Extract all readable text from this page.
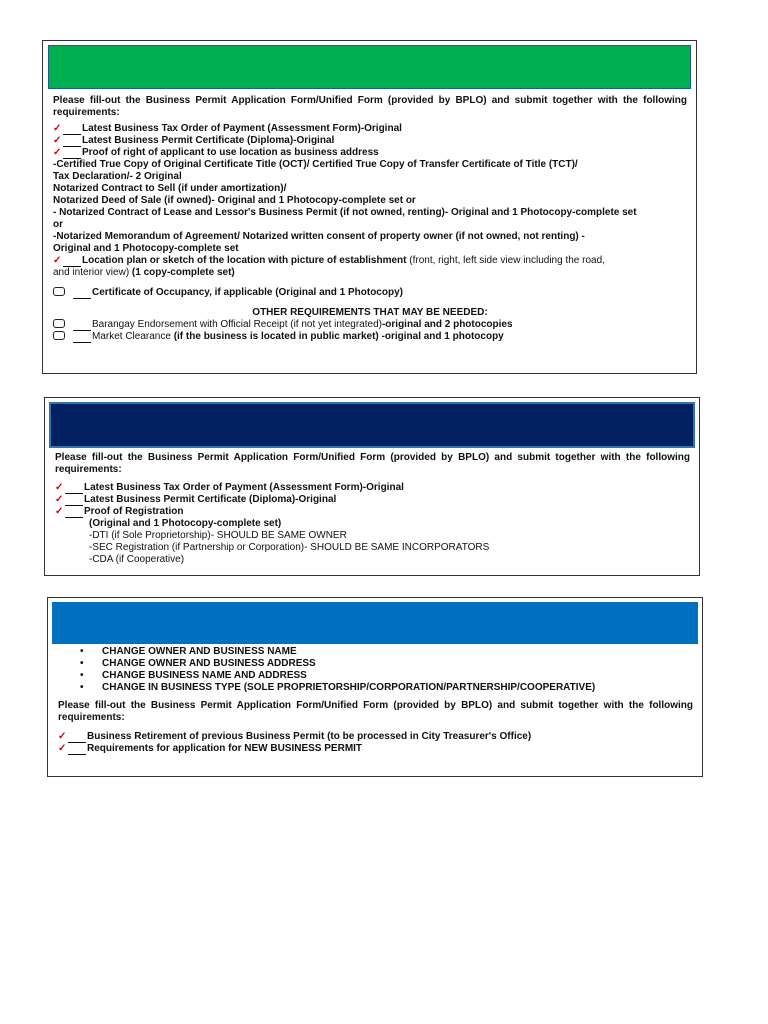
Please fill-out the Business Permit Application Form/Unified Form (provided by BPLO) and submit together with the following requirements:
✓ Latest Business Tax Order of Payment (Assessment Form)-Original
✓ Latest Business Permit Certificate (Diploma)-Original
✓ Proof of right of applicant to use location as business address
-Certified True Copy of Original Certificate Title (OCT)/ Certified True Copy of Transfer Certificate of Title (TCT)/
Tax Declaration/- 2 Original
Notarized Contract to Sell (if under amortization)/
Notarized Deed of Sale (if owned)- Original and 1 Photocopy-complete set or
- Notarized Contract of Lease and Lessor's Business Permit (if not owned, renting)- Original and 1 Photocopy-complete set
or
-Notarized Memorandum of Agreement/ Notarized written consent of property owner (if not owned, not renting) -
Original and 1 Photocopy-complete set
✓ Location plan or sketch of the location with picture of establishment (front, right, left side view including the road,
and interior view) (1 copy-complete set)
Certificate of Occupancy, if applicable (Original and 1 Photocopy)
OTHER REQUIREMENTS THAT MAY BE NEEDED:
Barangay Endorsement with Official Receipt (if not yet integrated)-original and 2 photocopies
Market Clearance (if the business is located in public market) -original and 1 photocopy
Please fill-out the Business Permit Application Form/Unified Form (provided by BPLO) and submit together with the following requirements:
✓ Latest Business Tax Order of Payment (Assessment Form)-Original
✓ Latest Business Permit Certificate (Diploma)-Original
✓ Proof of Registration
(Original and 1 Photocopy-complete set)
-DTI (if Sole Proprietorship)- SHOULD BE SAME OWNER
-SEC Registration (if Partnership or Corporation)- SHOULD BE SAME INCORPORATORS
-CDA (if Cooperative)
• CHANGE OWNER AND BUSINESS NAME
• CHANGE OWNER AND BUSINESS ADDRESS
• CHANGE BUSINESS NAME AND ADDRESS
• CHANGE IN BUSINESS TYPE (SOLE PROPRIETORSHIP/CORPORATION/PARTNERSHIP/COOPERATIVE)
Please fill-out the Business Permit Application Form/Unified Form (provided by BPLO) and submit together with the following requirements:
✓ Business Retirement of previous Business Permit (to be processed in City Treasurer's Office)
✓ Requirements for application for NEW BUSINESS PERMIT
